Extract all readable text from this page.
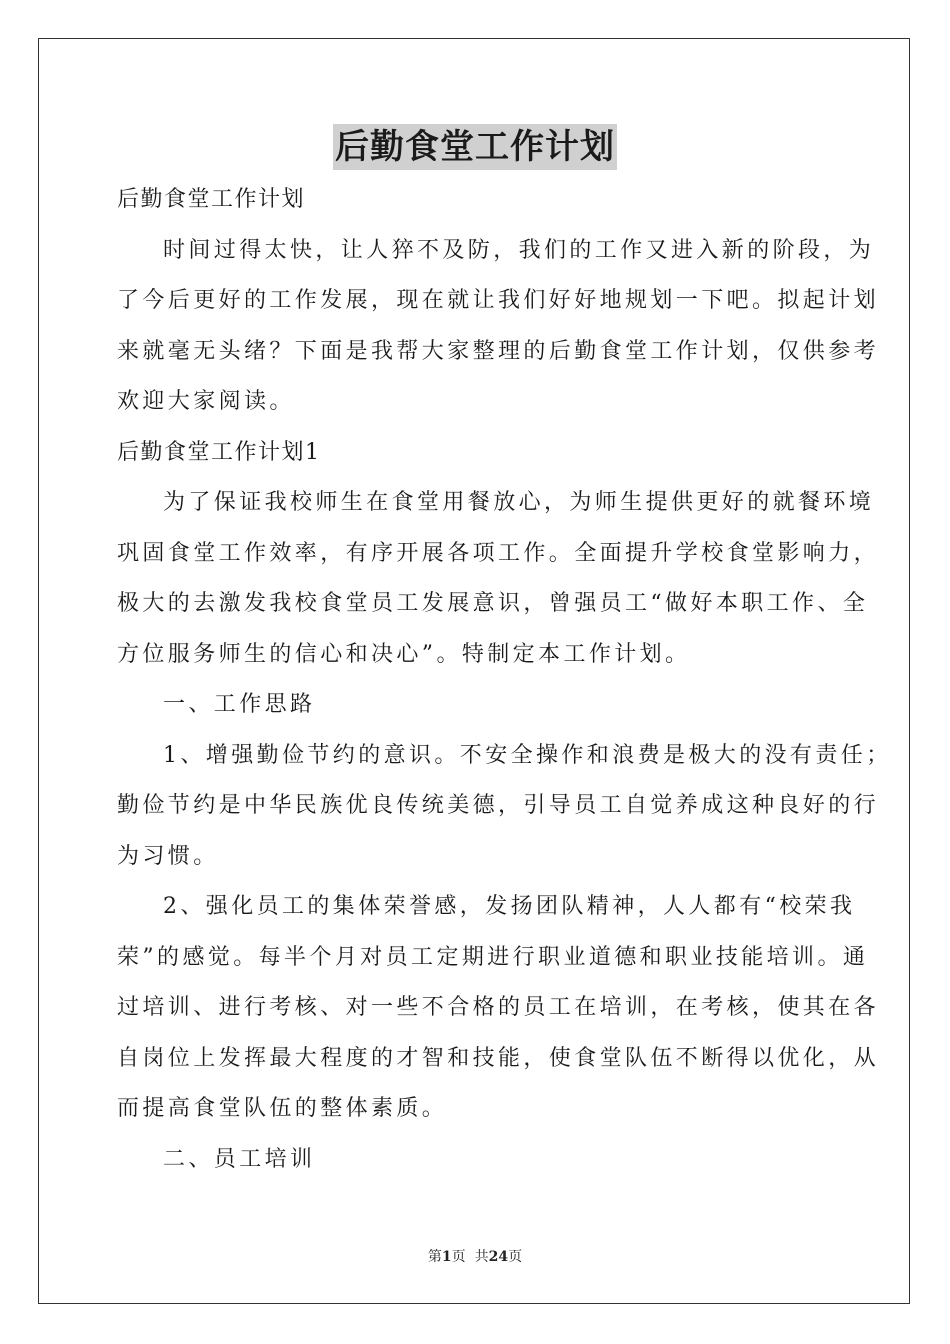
后勤食堂工作计划
后勤食堂工作计划
时间过得太快，让人猝不及防，我们的工作又进入新的阶段，为
了今后更好的工作发展，现在就让我们好好地规划一下吧。拟起计划
来就毫无头绪？下面是我帮大家整理的后勤食堂工作计划，仅供参考
欢迎大家阅读。
后勤食堂工作计划1
为了保证我校师生在食堂用餐放心，为师生提供更好的就餐环境
巩固食堂工作效率，有序开展各项工作。全面提升学校食堂影响力，
极大的去激发我校食堂员工发展意识，曾强员工“做好本职工作、全
方位服务师生的信心和决心”。特制定本工作计划。
一、工作思路
1、增强勤俭节约的意识。不安全操作和浪费是极大的没有责任；
勤俭节约是中华民族优良传统美德，引导员工自觉养成这种良好的行
为习惯。
2、强化员工的集体荣誉感，发扬团队精神，人人都有“校荣我
荣”的感觉。每半个月对员工定期进行职业道德和职业技能培训。通
过培训、进行考核、对一些不合格的员工在培训，在考核，使其在各
自岗位上发挥最大程度的才智和技能，使食堂队伍不断得以优化，从
而提高食堂队伍的整体素质。
二、员工培训
第1页  共24页
